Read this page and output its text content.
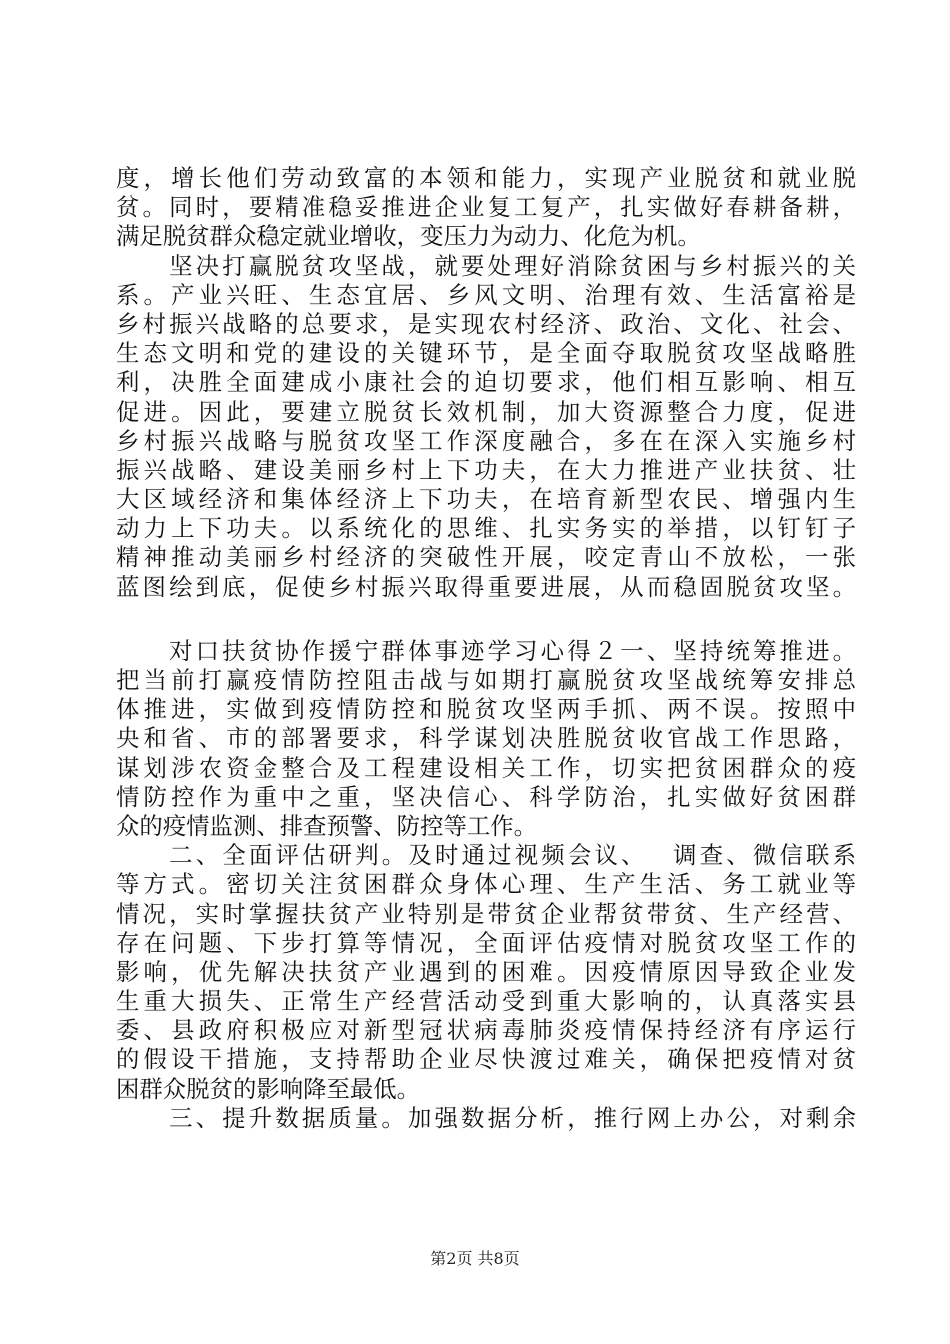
度，增长他们劳动致富的本领和能力，实现产业脱贫和就业脱
贫。同时，要精准稳妥推进企业复工复产，扎实做好春耕备耕，
满足脱贫群众稳定就业增收，变压力为动力、化危为机。
　　坚决打赢脱贫攻坚战，就要处理好消除贫困与乡村振兴的关
系。产业兴旺、生态宜居、乡风文明、治理有效、生活富裕是
乡村振兴战略的总要求，是实现农村经济、政治、文化、社会、
生态文明和党的建设的关键环节，是全面夺取脱贫攻坚战略胜
利，决胜全面建成小康社会的迫切要求，他们相互影响、相互
促进。因此，要建立脱贫长效机制，加大资源整合力度，促进
乡村振兴战略与脱贫攻坚工作深度融合，多在在深入实施乡村
振兴战略、建设美丽乡村上下功夫，在大力推进产业扶贫、壮
大区域经济和集体经济上下功夫，在培育新型农民、增强内生
动力上下功夫。以系统化的思维、扎实务实的举措，以钉钉子
精神推动美丽乡村经济的突破性开展，咬定青山不放松，一张
蓝图绘到底，促使乡村振兴取得重要进展，从而稳固脱贫攻坚。
　　对口扶贫协作援宁群体事迹学习心得２一、坚持统筹推进。
把当前打赢疫情防控阻击战与如期打赢脱贫攻坚战统筹安排总
体推进，实做到疫情防控和脱贫攻坚两手抓、两不误。按照中
央和省、市的部署要求，科学谋划决胜脱贫收官战工作思路，
谋划涉农资金整合及工程建设相关工作，切实把贫困群众的疫
情防控作为重中之重，坚决信心、科学防治，扎实做好贫困群
众的疫情监测、排查预警、防控等工作。
　　二、全面评估研判。及时通过视频会议、　 调查、微信联系
等方式。密切关注贫困群众身体心理、生产生活、务工就业等
情况，实时掌握扶贫产业特别是带贫企业帮贫带贫、生产经营、
存在问题、下步打算等情况，全面评估疫情对脱贫攻坚工作的
影响，优先解决扶贫产业遇到的困难。因疫情原因导致企业发
生重大损失、正常生产经营活动受到重大影响的，认真落实县
委、县政府积极应对新型冠状病毒肺炎疫情保持经济有序运行
的假设干措施，支持帮助企业尽快渡过难关，确保把疫情对贫
困群众脱贫的影响降至最低。
　　三、提升数据质量。加强数据分析，推行网上办公，对剩余
第2页 共8页
